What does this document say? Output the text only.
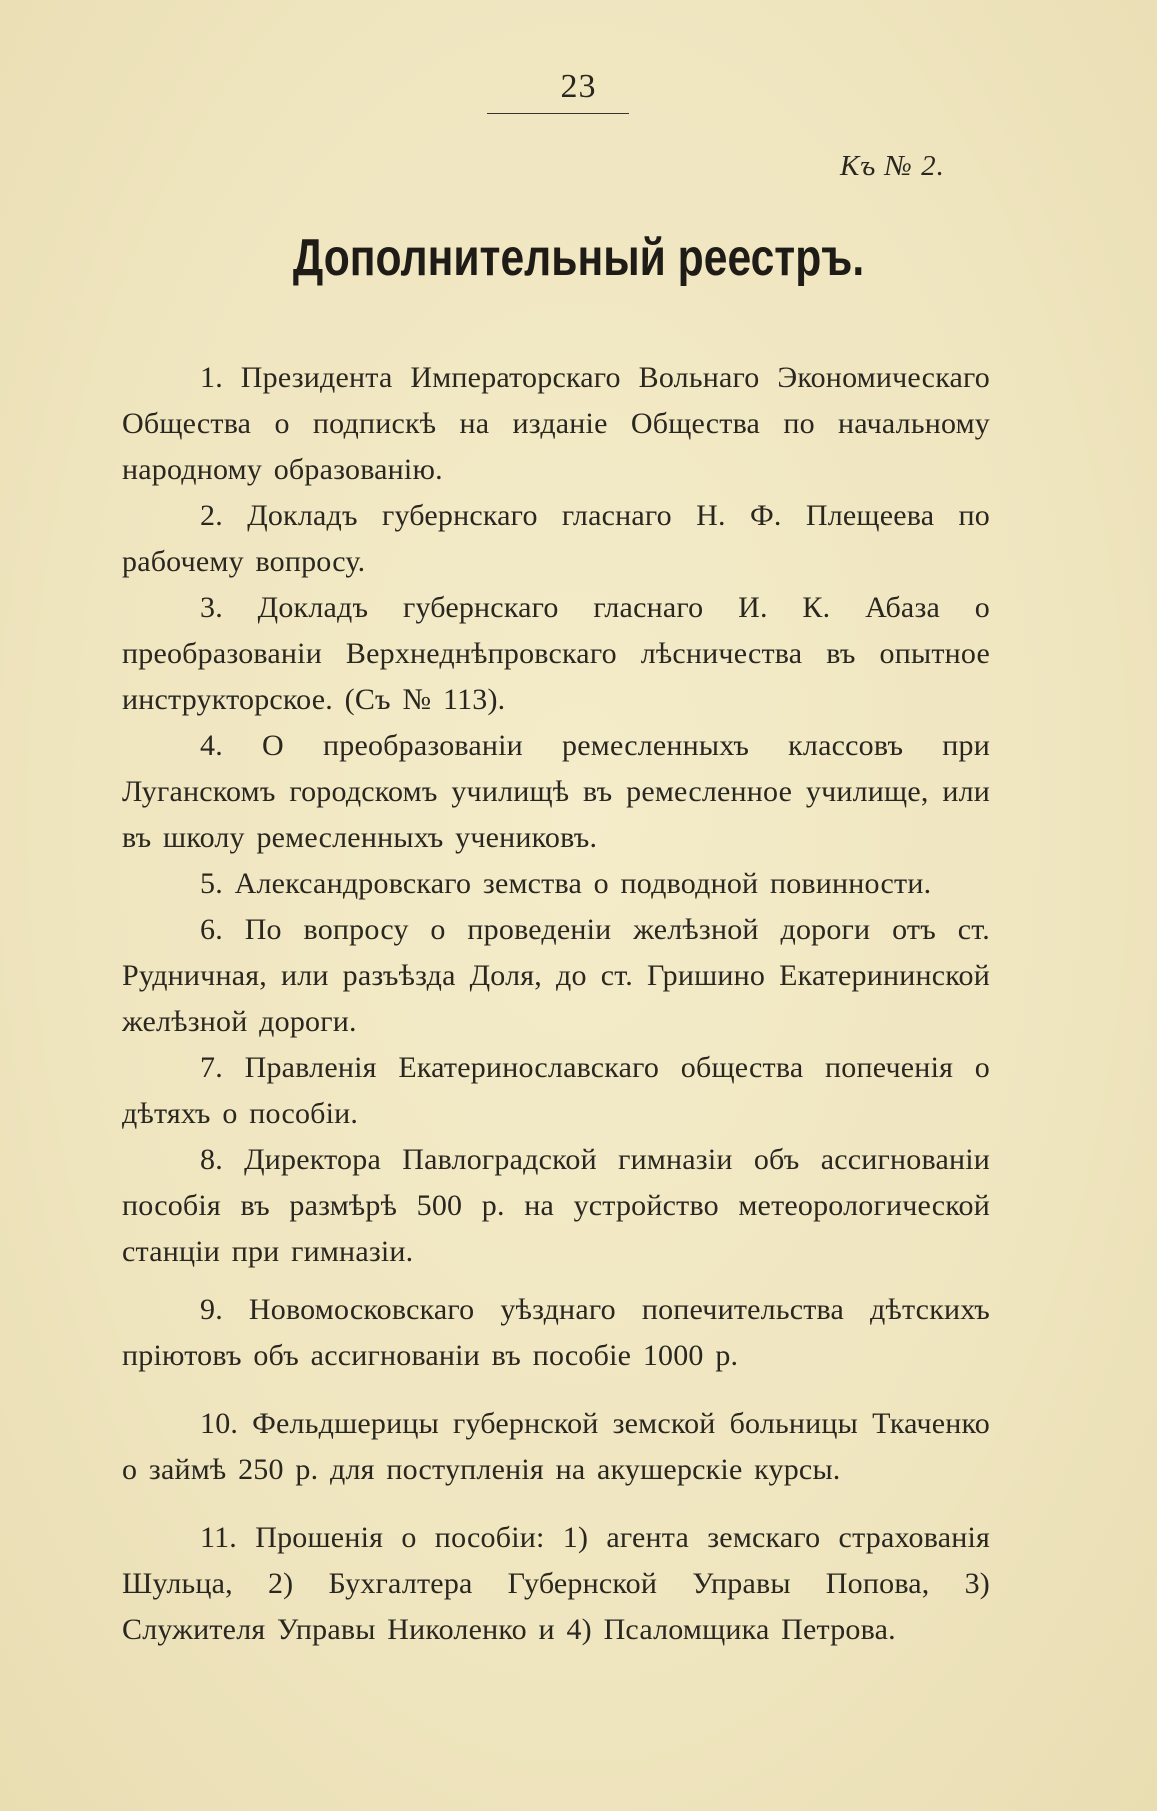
23
Къ № 2.
Дополнительный реестръ.

1. Президента Императорскаго Вольнаго Экономическаго Общества о подпискѣ на изданіе Общества по начальному народному образованію.

2. Докладъ губернскаго гласнаго Н. Ф. Плещеева по рабочему вопросу.

3. Докладъ губернскаго гласнаго И. К. Абаза о преобразованіи Верхнеднѣпровскаго лѣсничества въ опытное инструкторское. (Съ № 113).

4. О преобразованіи ремесленныхъ классовъ при Луганскомъ городскомъ училищѣ въ ремесленное училище, или въ школу ремесленныхъ учениковъ.

5. Александровскаго земства о подводной повинности.

6. По вопросу о проведеніи желѣзной дороги отъ ст. Рудничная, или разъѣзда Доля, до ст. Гришино Екатерининской желѣзной дороги.

7. Правленія Екатеринославскаго общества попеченія о дѣтяхъ о пособіи.

8. Директора Павлоградской гимназіи объ ассигнованіи пособія въ размѣрѣ 500 р. на устройство метеорологической станціи при гимназіи.

9. Новомосковскаго уѣзднаго попечительства дѣтскихъ пріютовъ объ ассигнованіи въ пособіе 1000 р.

10. Фельдшерицы губернской земской больницы Ткаченко о займѣ 250 р. для поступленія на акушерскіе курсы.

11. Прошенія о пособіи: 1) агента земскаго страхованія Шульца, 2) Бухгалтера Губернской Управы Попова, 3) Служителя Управы Николенко и 4) Псаломщика Петрова.
